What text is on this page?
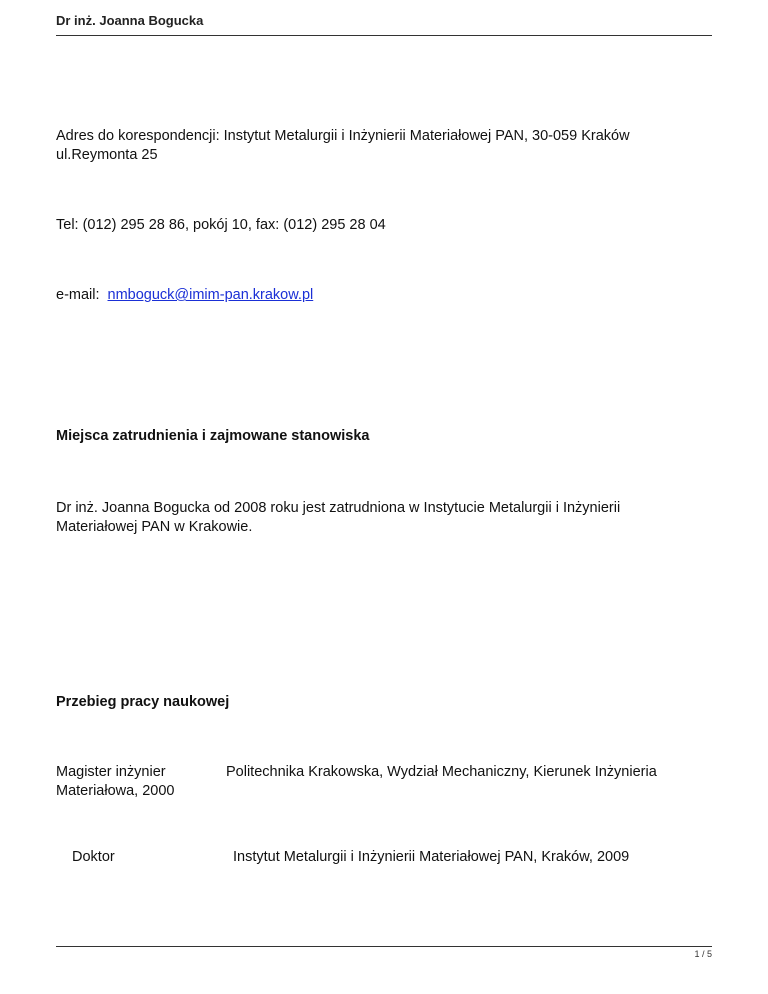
Dr inż. Joanna Bogucka
Adres do korespondencji: Instytut Metalurgii i Inżynierii Materiałowej PAN, 30-059 Kraków
ul.Reymonta 25
Tel: (012) 295 28 86, pokój 10, fax: (012) 295 28 04
e-mail: nmboguck@imim-pan.krakow.pl
Miejsca zatrudnienia i zajmowane stanowiska
Dr inż. Joanna Bogucka od 2008 roku jest zatrudniona w Instytucie Metalurgii i Inżynierii
Materiałowej PAN w Krakowie.
Przebieg pracy naukowej
Magister inżynier
Materiałowa, 2000
Politechnika Krakowska, Wydział Mechaniczny, Kierunek Inżynieria
Doktor	Instytut Metalurgii i Inżynierii Materiałowej PAN, Kraków, 2009
1 / 5
